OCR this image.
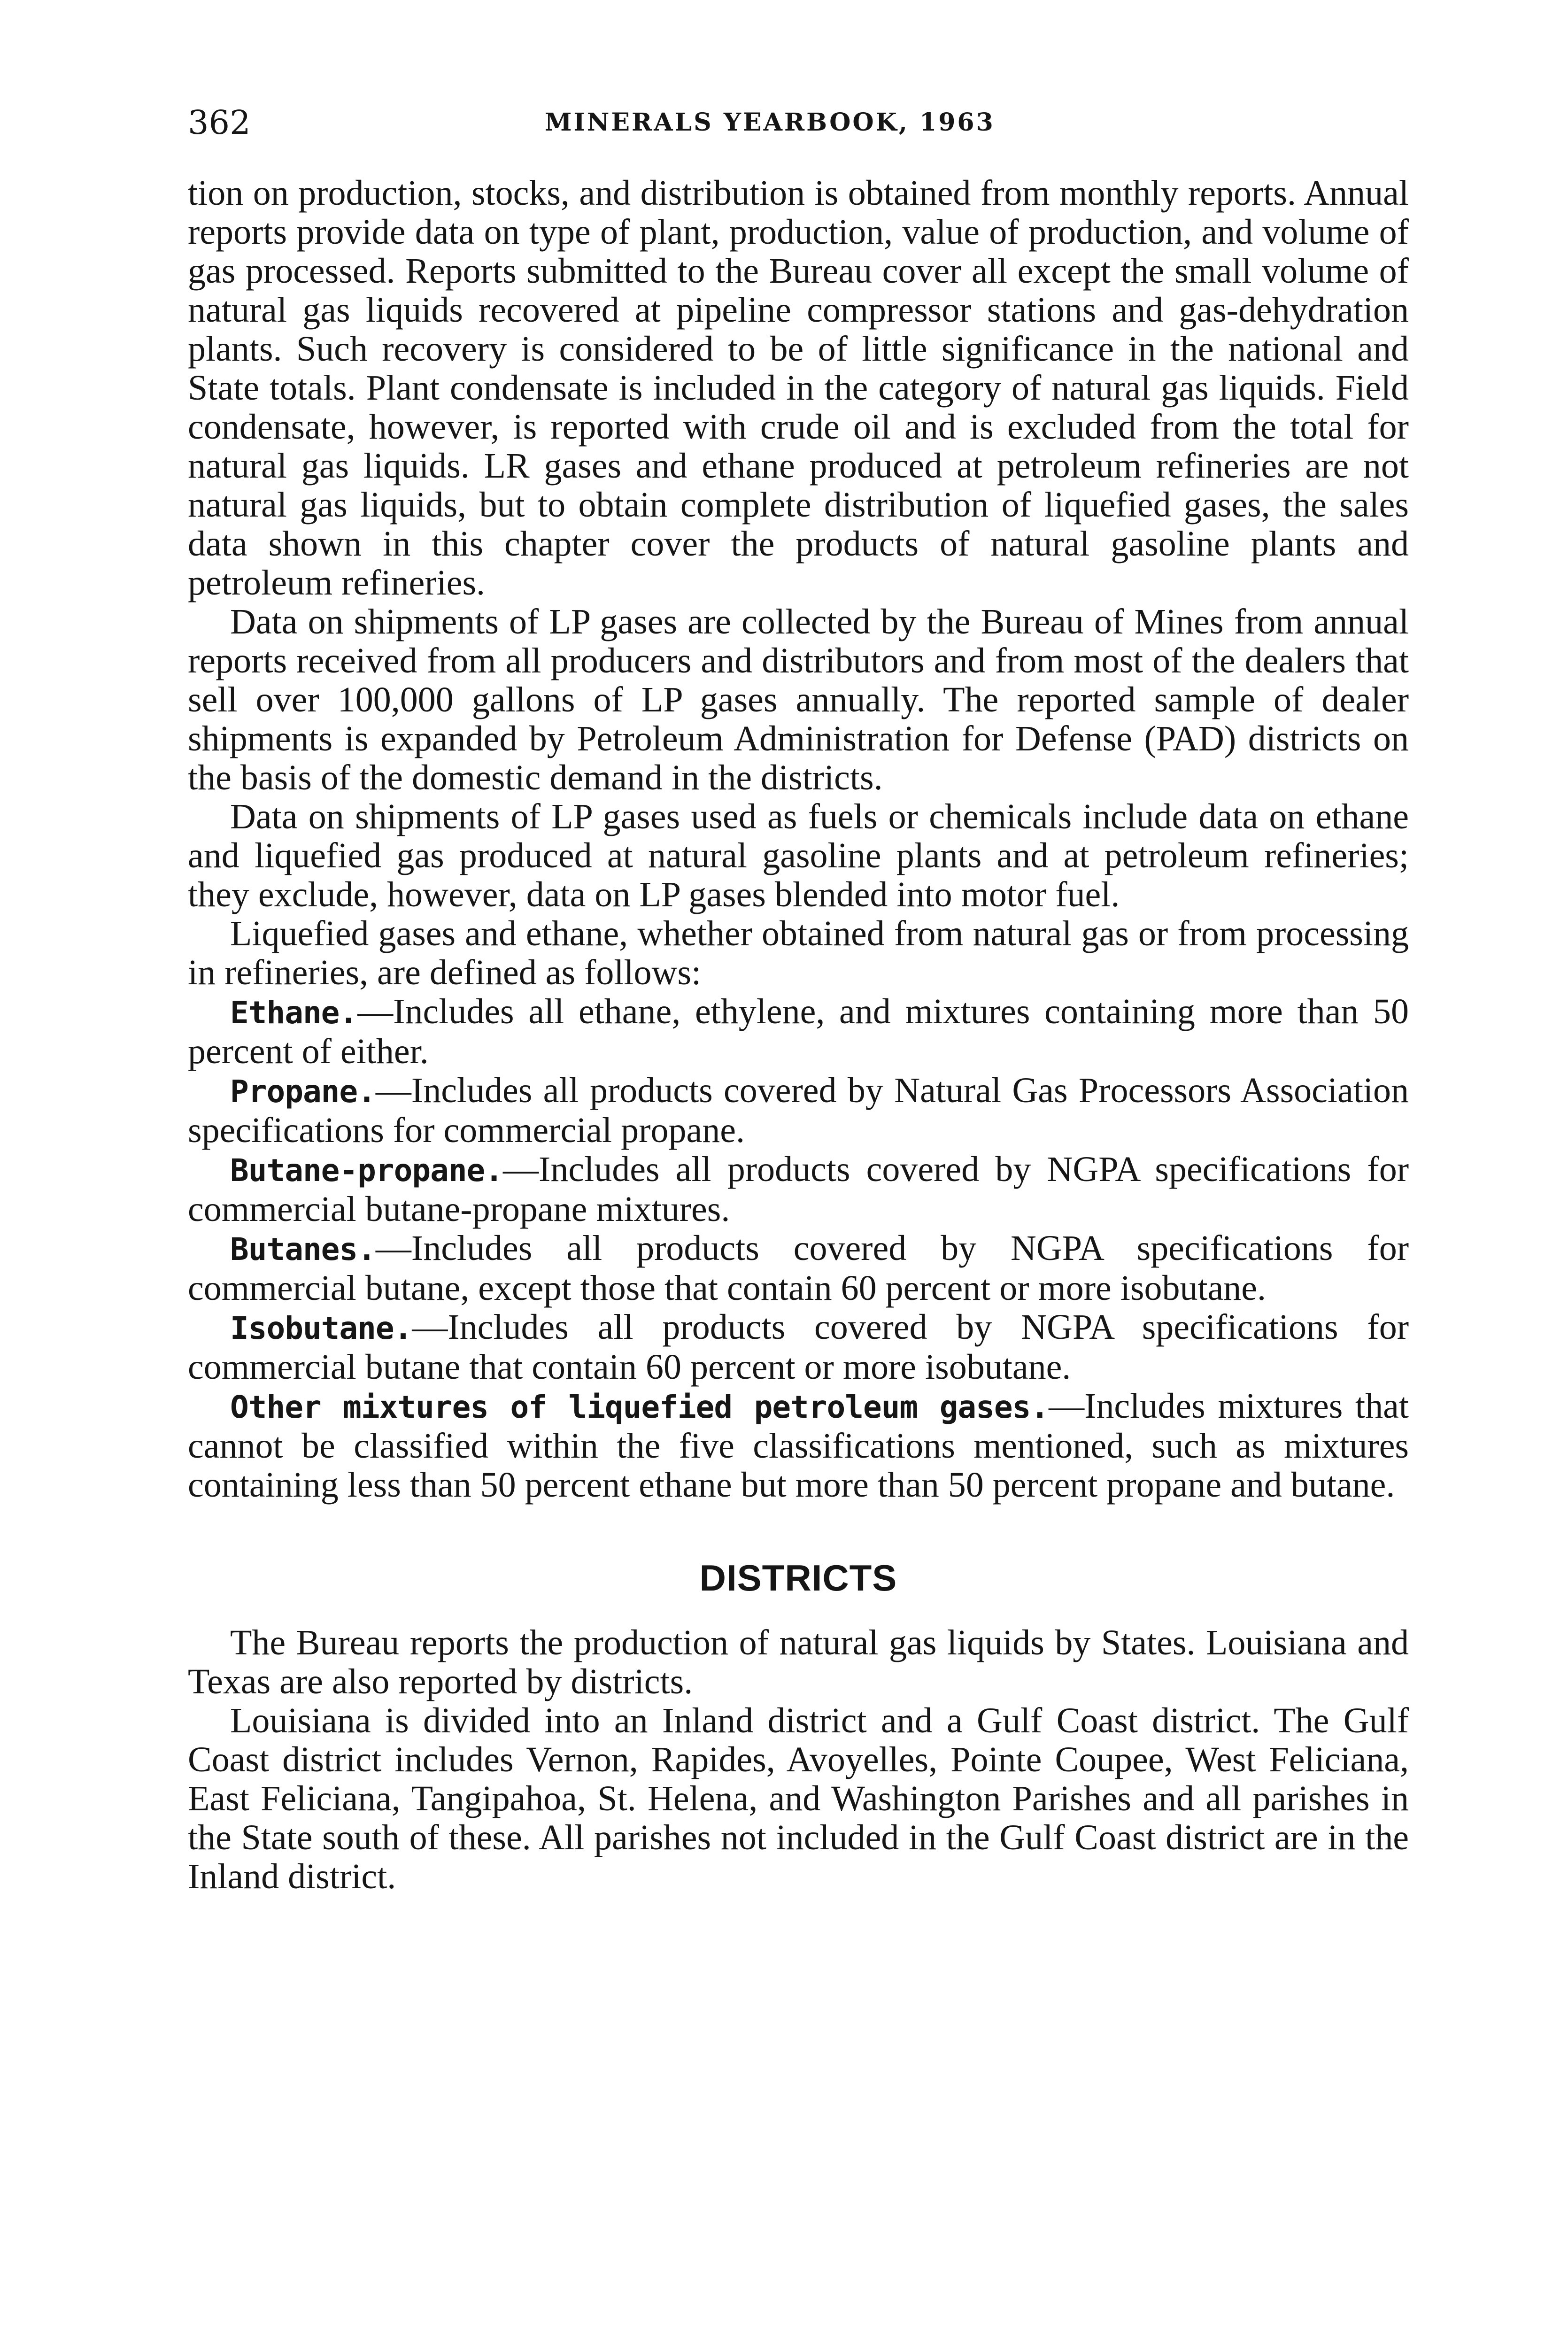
362	MINERALS YEARBOOK, 1963

tion on production, stocks, and distribution is obtained from monthly reports. Annual reports provide data on type of plant, production, value of production, and volume of gas processed. Reports submitted to the Bureau cover all except the small volume of natural gas liquids recovered at pipeline compressor stations and gas-dehydration plants. Such recovery is considered to be of little significance in the national and State totals. Plant condensate is included in the category of natural gas liquids. Field condensate, however, is reported with crude oil and is excluded from the total for natural gas liquids. LR gases and ethane produced at petroleum refineries are not natural gas liquids, but to obtain complete distribution of liquefied gases, the sales data shown in this chapter cover the products of natural gasoline plants and petroleum refineries.

Data on shipments of LP gases are collected by the Bureau of Mines from annual reports received from all producers and distributors and from most of the dealers that sell over 100,000 gallons of LP gases annually. The reported sample of dealer shipments is expanded by Petroleum Administration for Defense (PAD) districts on the basis of the domestic demand in the districts.

Data on shipments of LP gases used as fuels or chemicals include data on ethane and liquefied gas produced at natural gasoline plants and at petroleum refineries; they exclude, however, data on LP gases blended into motor fuel.

Liquefied gases and ethane, whether obtained from natural gas or from processing in refineries, are defined as follows:

Ethane.—Includes all ethane, ethylene, and mixtures containing more than 50 percent of either.

Propane.—Includes all products covered by Natural Gas Processors Association specifications for commercial propane.

Butane-propane.—Includes all products covered by NGPA specifications for commercial butane-propane mixtures.

Butanes.—Includes all products covered by NGPA specifications for commercial butane, except those that contain 60 percent or more isobutane.

Isobutane.—Includes all products covered by NGPA specifications for commercial butane that contain 60 percent or more isobutane.

Other mixtures of liquefied petroleum gases.—Includes mixtures that cannot be classified within the five classifications mentioned, such as mixtures containing less than 50 percent ethane but more than 50 percent propane and butane.

DISTRICTS

The Bureau reports the production of natural gas liquids by States. Louisiana and Texas are also reported by districts.

Louisiana is divided into an Inland district and a Gulf Coast district. The Gulf Coast district includes Vernon, Rapides, Avoyelles, Pointe Coupee, West Feliciana, East Feliciana, Tangipahoa, St. Helena, and Washington Parishes and all parishes in the State south of these. All parishes not included in the Gulf Coast district are in the Inland district.
